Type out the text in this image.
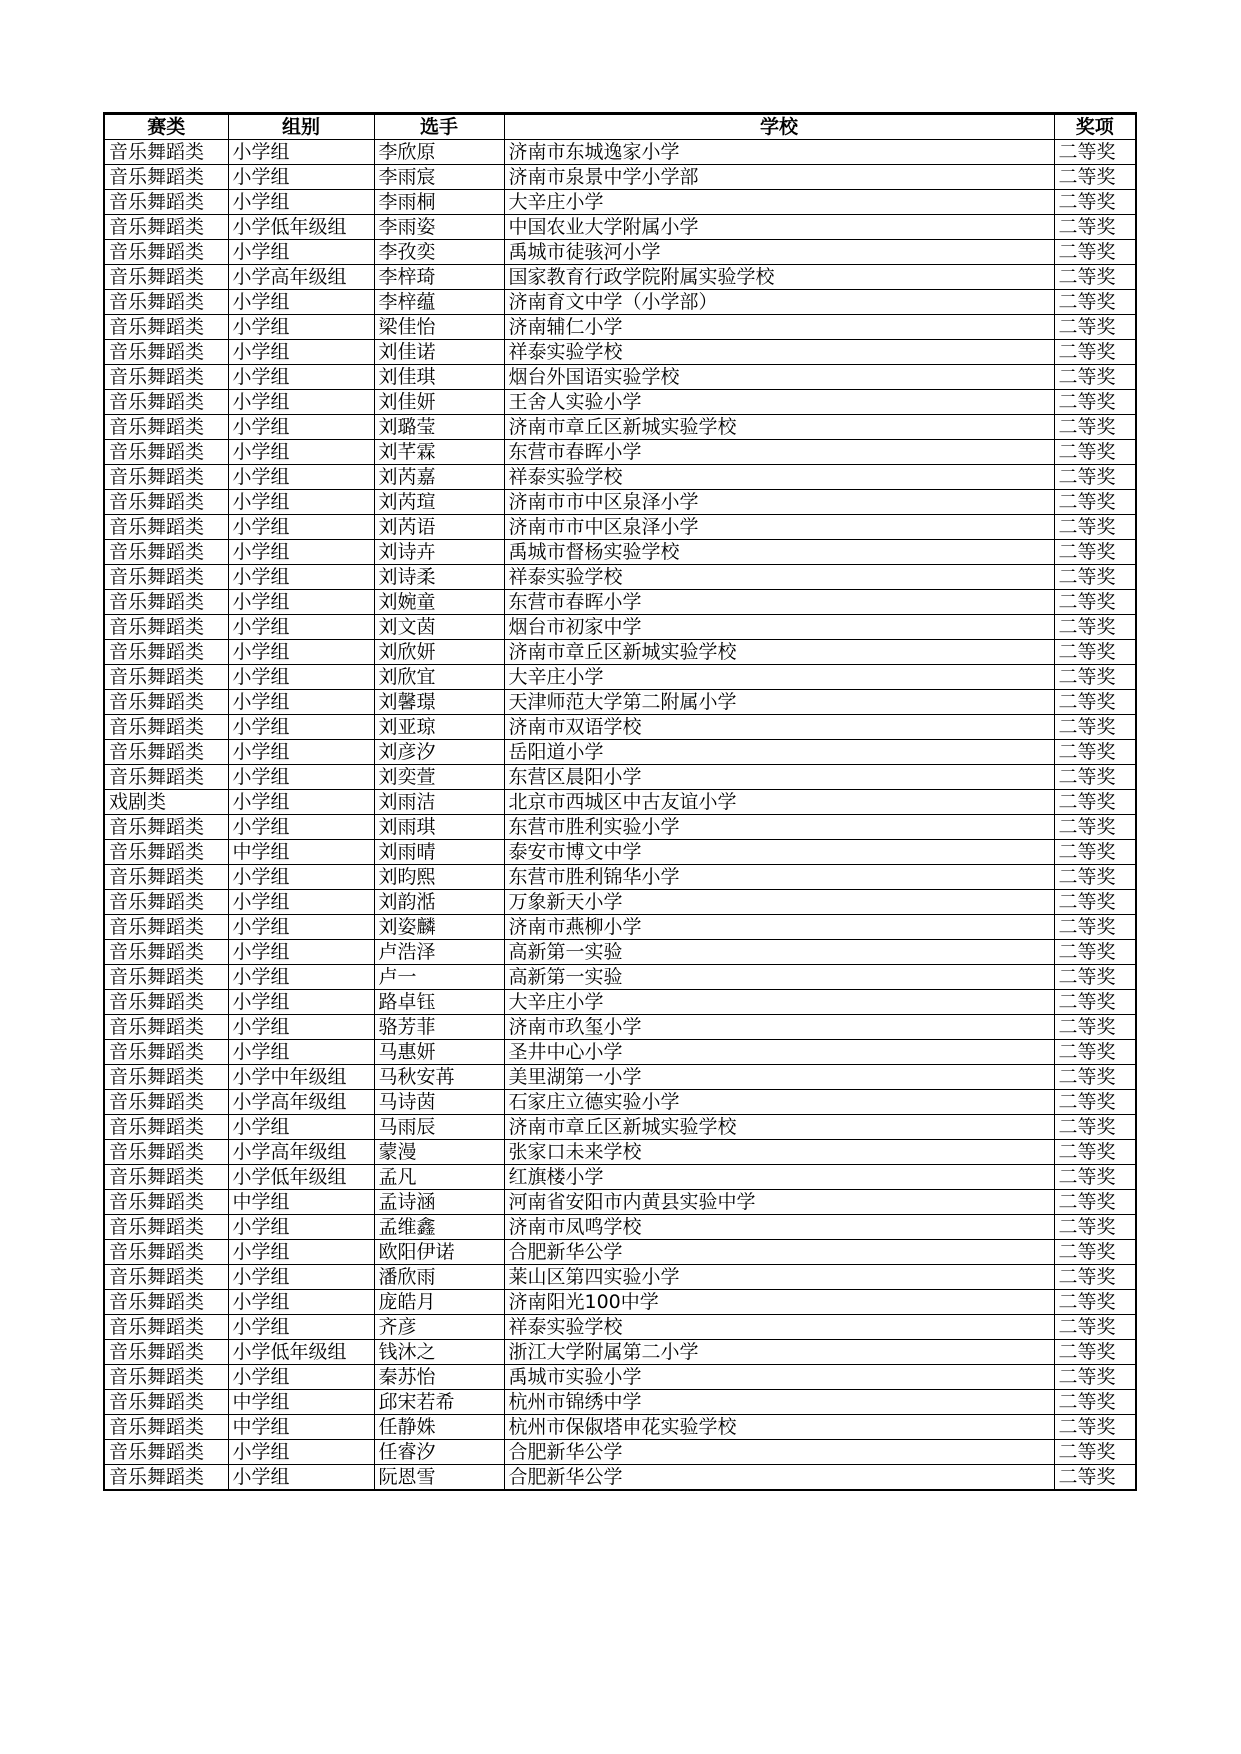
赛类	组别	选手	学校	奖项
音乐舞蹈类	小学组	李欣原	济南市东城逸家小学	二等奖
音乐舞蹈类	小学组	李雨宸	济南市泉景中学小学部	二等奖
音乐舞蹈类	小学组	李雨桐	大辛庄小学	二等奖
音乐舞蹈类	小学低年级组	李雨姿	中国农业大学附属小学	二等奖
音乐舞蹈类	小学组	李孜奕	禹城市徒骇河小学	二等奖
音乐舞蹈类	小学高年级组	李梓琦	国家教育行政学院附属实验学校	二等奖
音乐舞蹈类	小学组	李梓蕴	济南育文中学（小学部）	二等奖
音乐舞蹈类	小学组	梁佳怡	济南辅仁小学	二等奖
音乐舞蹈类	小学组	刘佳诺	祥泰实验学校	二等奖
音乐舞蹈类	小学组	刘佳琪	烟台外国语实验学校	二等奖
音乐舞蹈类	小学组	刘佳妍	王舍人实验小学	二等奖
音乐舞蹈类	小学组	刘璐莹	济南市章丘区新城实验学校	二等奖
音乐舞蹈类	小学组	刘芊霖	东营市春晖小学	二等奖
音乐舞蹈类	小学组	刘芮嘉	祥泰实验学校	二等奖
音乐舞蹈类	小学组	刘芮瑄	济南市市中区泉泽小学	二等奖
音乐舞蹈类	小学组	刘芮语	济南市市中区泉泽小学	二等奖
音乐舞蹈类	小学组	刘诗卉	禹城市督杨实验学校	二等奖
音乐舞蹈类	小学组	刘诗柔	祥泰实验学校	二等奖
音乐舞蹈类	小学组	刘婉童	东营市春晖小学	二等奖
音乐舞蹈类	小学组	刘文茵	烟台市初家中学	二等奖
音乐舞蹈类	小学组	刘欣妍	济南市章丘区新城实验学校	二等奖
音乐舞蹈类	小学组	刘欣宜	大辛庄小学	二等奖
音乐舞蹈类	小学组	刘馨璟	天津师范大学第二附属小学	二等奖
音乐舞蹈类	小学组	刘亚琼	济南市双语学校	二等奖
音乐舞蹈类	小学组	刘彦汐	岳阳道小学	二等奖
音乐舞蹈类	小学组	刘奕萱	东营区晨阳小学	二等奖
戏剧类	小学组	刘雨洁	北京市西城区中古友谊小学	二等奖
音乐舞蹈类	小学组	刘雨琪	东营市胜利实验小学	二等奖
音乐舞蹈类	中学组	刘雨晴	泰安市博文中学	二等奖
音乐舞蹈类	小学组	刘昀熙	东营市胜利锦华小学	二等奖
音乐舞蹈类	小学组	刘韵湉	万象新天小学	二等奖
音乐舞蹈类	小学组	刘姿麟	济南市燕柳小学	二等奖
音乐舞蹈类	小学组	卢浩泽	高新第一实验	二等奖
音乐舞蹈类	小学组	卢一	高新第一实验	二等奖
音乐舞蹈类	小学组	路卓钰	大辛庄小学	二等奖
音乐舞蹈类	小学组	骆芳菲	济南市玖玺小学	二等奖
音乐舞蹈类	小学组	马惠妍	圣井中心小学	二等奖
音乐舞蹈类	小学中年级组	马秋安苒	美里湖第一小学	二等奖
音乐舞蹈类	小学高年级组	马诗茵	石家庄立德实验小学	二等奖
音乐舞蹈类	小学组	马雨辰	济南市章丘区新城实验学校	二等奖
音乐舞蹈类	小学高年级组	蒙漫	张家口未来学校	二等奖
音乐舞蹈类	小学低年级组	孟凡	红旗楼小学	二等奖
音乐舞蹈类	中学组	孟诗涵	河南省安阳市内黄县实验中学	二等奖
音乐舞蹈类	小学组	孟维鑫	济南市凤鸣学校	二等奖
音乐舞蹈类	小学组	欧阳伊诺	合肥新华公学	二等奖
音乐舞蹈类	小学组	潘欣雨	莱山区第四实验小学	二等奖
音乐舞蹈类	小学组	庞皓月	济南阳光100中学	二等奖
音乐舞蹈类	小学组	齐彦	祥泰实验学校	二等奖
音乐舞蹈类	小学低年级组	钱沐之	浙江大学附属第二小学	二等奖
音乐舞蹈类	小学组	秦苏怡	禹城市实验小学	二等奖
音乐舞蹈类	中学组	邱宋若希	杭州市锦绣中学	二等奖
音乐舞蹈类	中学组	任静姝	杭州市保俶塔申花实验学校	二等奖
音乐舞蹈类	小学组	任睿汐	合肥新华公学	二等奖
音乐舞蹈类	小学组	阮恩雪	合肥新华公学	二等奖
